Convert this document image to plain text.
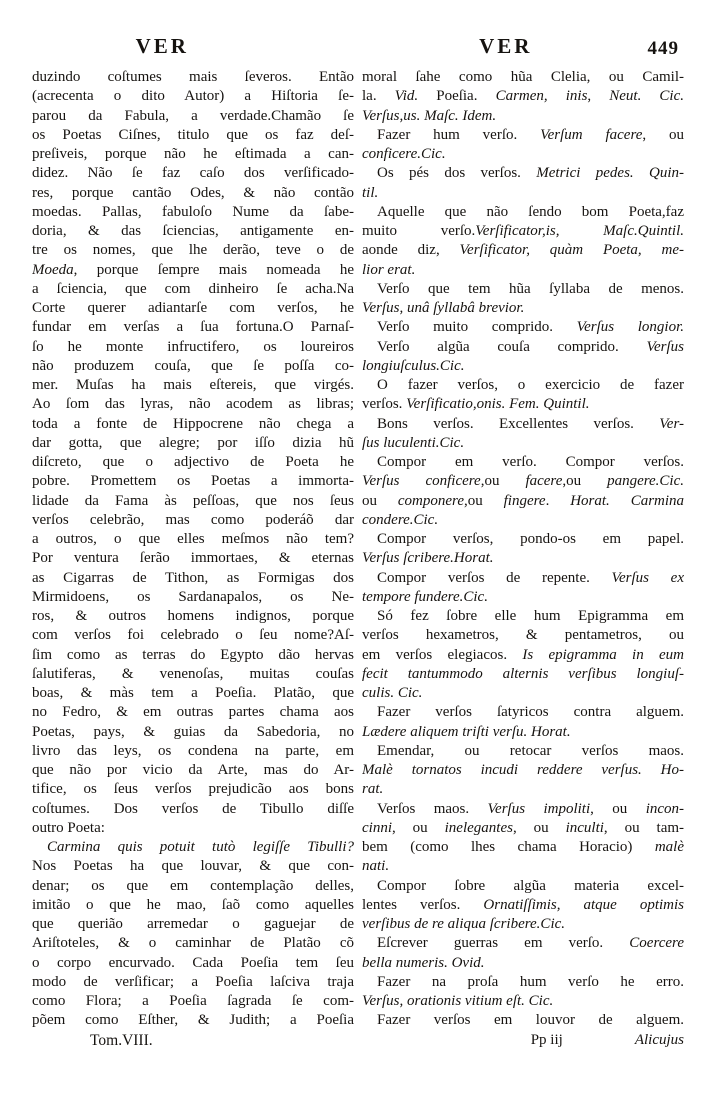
VER	VER	449
duzindo coſtumes mais ſeveros. Então
(acrecenta o dito Autor) a Hiſtoria ſe-
parou da Fabula, a verdade.Chamão ſe
os Poetas Ciſnes, titulo que os faz deſ-
preſiveis, porque não he eſtimada a can-
didez. Não ſe faz caſo dos verſificado-
res, porque cantão Odes, & não contão
moedas. Pallas, fabuloſo Nume da ſabe-
doria, & das ſciencias, antigamente en-
tre os nomes, que lhe derão, teve o de
Moeda, porque ſempre mais nomeada he
a ſciencia, que com dinheiro ſe acha.Na
Corte querer adiantarſe com verſos, he
fundar em verſas a ſua fortuna.O Parnaſ-
ſo he monte infructifero, os loureiros
não produzem couſa, que ſe poſſa co-
mer. Muſas ha mais eſtereis, que virgés.
Ao ſom das lyras, não acodem as libras;
toda a fonte de Hippocrene não chega a
dar gotta, que alegre; por iſſo dizia hũ
diſcreto, que o adjectivo de Poeta he
pobre. Promettem os Poetas a immorta-
lidade da Fama às peſſoas, que nos ſeus
verſos celebrão, mas como poderáõ dar
a outros, o que elles meſmos não tem?
Por ventura ſerão immortaes, & eternas
as Cigarras de Tithon, as Formigas dos
Mirmidoens, os Sardanapalos, os Ne-
ros, & outros homens indignos, porque
com verſos foi celebrado o ſeu nome?Aſ-
ſim como as terras do Egypto dão hervas
ſalutiferas, & venenoſas, muitas couſas
boas, & màs tem a Poeſia. Platão, que
no Fedro, & em outras partes chama aos
Poetas, pays, & guias da Sabedoria, no
livro das leys, os condena na parte, em
que não por vicio da Arte, mas do Ar-
tifice, os ſeus verſos prejudicão aos bons
coſtumes. Dos verſos de Tibullo diſſe
outro Poeta:
Carmina quis potuit tutò legiſſe Tibulli?
Nos Poetas ha que louvar, & que con-
denar; os que em contemplação delles,
imitão o que he mao, ſaõ como aquelles
que querião arremedar o gaguejar de
Ariſtoteles, & o caminhar de Platão cõ
o corpo encurvado. Cada Poeſia tem ſeu
modo de verſificar; a Poeſia laſciva traja
como Flora; a Poeſia ſagrada ſe com-
põem como Eſther, & Judith; a Poeſia
Tom.VIII.
moral ſahe como hũa Clelia, ou Camil-
la. Vid. Poeſia. Carmen, inis, Neut. Cic.
Verſus,us. Maſc. Idem.
Fazer hum verſo. Verſum facere, ou
conficere.Cic.
Os pés dos verſos. Metrici pedes. Quin-
til.
Aquelle que não ſendo bom Poeta,faz
muito verſo.Verſificator,is, Maſc.Quintil.
aonde diz, Verſificator, quàm Poeta, me-
lior erat.
Verſo que tem hũa ſyllaba de menos.
Verſus, unâ ſyllabâ brevior.
Verſo muito comprido. Verſus longior.
Verſo algũa couſa comprido. Verſus
longiuſculus.Cic.
O fazer verſos, o exercicio de fazer
verſos. Verſificatio,onis. Fem. Quintil.
Bons verſos. Excellentes verſos. Ver-
ſus luculenti.Cic.
Compor em verſo. Compor verſos.
Verſus conficere,ou facere,ou pangere.Cic.
ou componere,ou fingere. Horat. Carmina
condere.Cic.
Compor verſos, pondo-os em papel.
Verſus ſcribere.Horat.
Compor verſos de repente. Verſus ex
tempore fundere.Cic.
Só fez ſobre elle hum Epigramma em
verſos hexametros, & pentametros, ou
em verſos elegiacos. Is epigramma in eum
fecit tantummodo alternis verſibus longiuſ-
culis. Cic.
Fazer verſos ſatyricos contra alguem.
Lædere aliquem triſti verſu. Horat.
Emendar, ou retocar verſos maos.
Malè tornatos incudi reddere verſus. Ho-
rat.
Verſos maos. Verſus impoliti, ou incon-
cinni, ou inelegantes, ou inculti, ou tam-
bem (como lhes chama Horacio) malè
nati.
Compor ſobre algũa materia excel-
lentes verſos. Ornatiſſimis, atque optimis
verſibus de re aliqua ſcribere.Cic.
Eſcrever guerras em verſo. Coercere
bella numeris. Ovid.
Fazer na proſa hum verſo he erro.
Verſus, orationis vitium eſt. Cic.
Fazer verſos em louvor de alguem.
Pp iij	Alicujus
